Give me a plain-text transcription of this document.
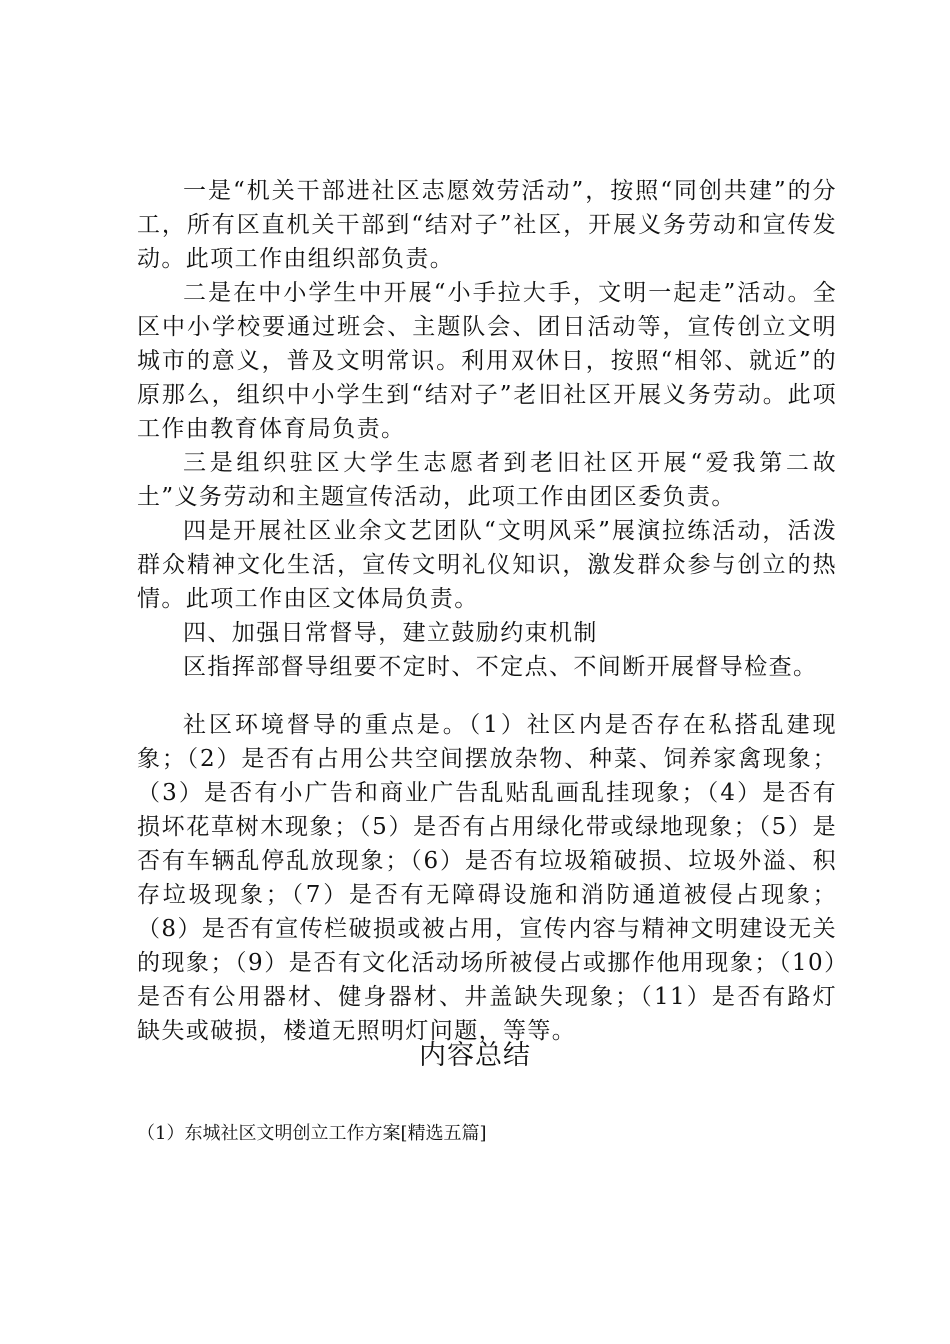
一是“机关干部进社区志愿效劳活动”，按照“同创共建”的分工，所有区直机关干部到“结对子”社区，开展义务劳动和宣传发动。此项工作由组织部负责。

二是在中小学生中开展“小手拉大手，文明一起走”活动。全区中小学校要通过班会、主题队会、团日活动等，宣传创立文明城市的意义，普及文明常识。利用双休日，按照“相邻、就近”的原那么，组织中小学生到“结对子”老旧社区开展义务劳动。此项工作由教育体育局负责。

三是组织驻区大学生志愿者到老旧社区开展“爱我第二故土”义务劳动和主题宣传活动，此项工作由团区委负责。

四是开展社区业余文艺团队“文明风采”展演拉练活动，活泼群众精神文化生活，宣传文明礼仪知识，激发群众参与创立的热情。此项工作由区文体局负责。

四、加强日常督导，建立鼓励约束机制

区指挥部督导组要不定时、不定点、不间断开展督导检查。

社区环境督导的重点是。（1）社区内是否存在私搭乱建现象；（2）是否有占用公共空间摆放杂物、种菜、饲养家禽现象；（3）是否有小广告和商业广告乱贴乱画乱挂现象；（4）是否有损坏花草树木现象；（5）是否有占用绿化带或绿地现象；（5）是否有车辆乱停乱放现象；（6）是否有垃圾箱破损、垃圾外溢、积存垃圾现象；（7）是否有无障碍设施和消防通道被侵占现象；（8）是否有宣传栏破损或被占用，宣传内容与精神文明建设无关的现象；（9）是否有文化活动场所被侵占或挪作他用现象；（10）是否有公用器材、健身器材、井盖缺失现象；（11）是否有路灯缺失或破损，楼道无照明灯问题，等等。

内容总结
（1）东城社区文明创立工作方案[精选五篇]
